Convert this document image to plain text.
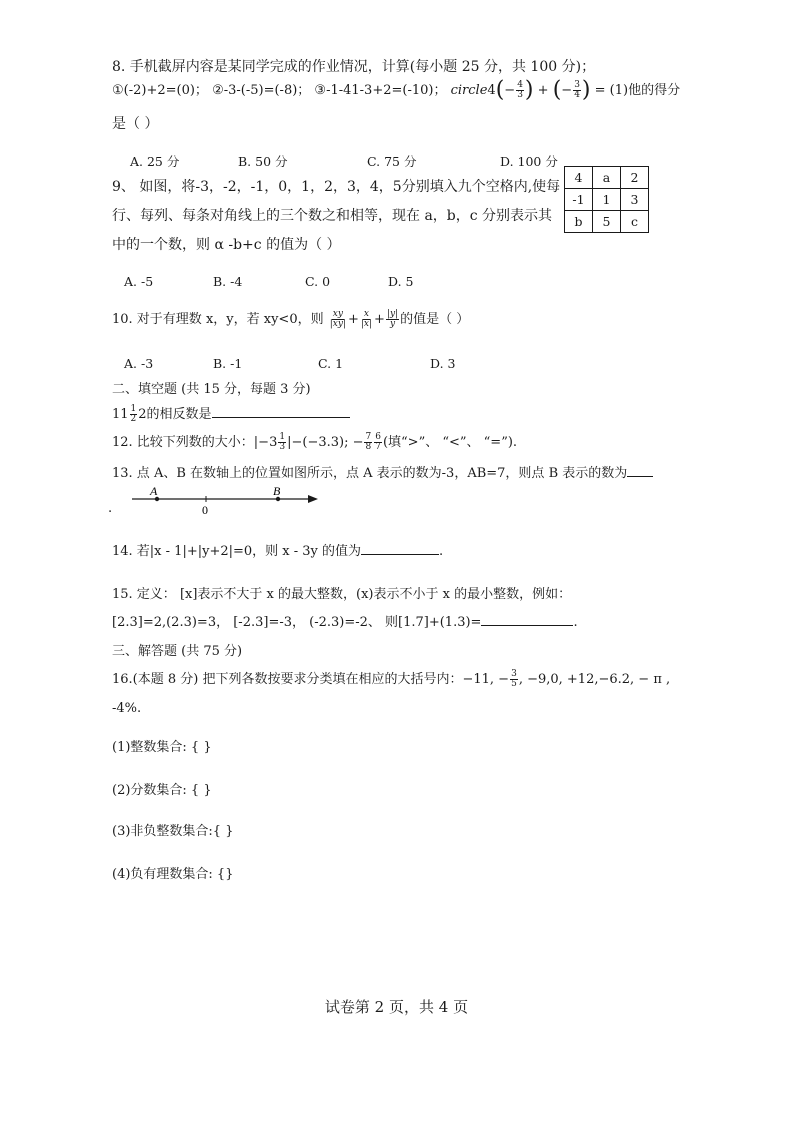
8. 手机截屏内容是某同学完成的作业情况，计算(每小题 25 分，共 100 分)；
①(-2)+2=(0)； ②-3-(-5)=(-8)； ③-1-41-3+2=(-10)； circle4(− $\frac{4}{3}$ ) + (− $\frac{3}{4}$ ) = (1)他的得分
是（ ）
A. 25 分	B. 50 分	C. 75 分	D. 100 分
9、 如图，将-3，-2，-1，0，1，2，3，4，5分别填入九个空格内,使每
行、每列、每条对角线上的三个数之和相等，现在 a，b，c 分别表示其
中的一个数，则 α -b+c 的值为（ ）
4	a	2
-1	1	3
b	5	c
A. -5	B. -4	C. 0	D. 5
10. 对于有理数 x，y，若 xy<0，则 $\frac{xy}{|xy|} + \frac{x}{|x|} + \frac{|y|}{y}$ 的值是（ ）
A. -3	B. -1	C. 1	D. 3
二、填空题 (共 15 分，每题 3 分)
$11 \frac{1}{2} 2$的相反数是
12. 比较下列数的大小：$|-3 \frac{1}{3} |-(-3.3)$; − $\frac{7}{8} \frac{6}{7}$ (填“>”、 “<”、 “=”).
13. 点 A、B 在数轴上的位置如图所示，点 A 表示的数为-3，AB=7，则点 B 表示的数为
.
A
0
B
14. 若|x - 1|+|y+2|=0，则 x - 3y 的值为	.
15. 定义： [x]表示不大于 x 的最大整数，(x)表示不小于 x 的最小整数，例如：
[2.3]=2,(2.3)=3， [-2.3]=-3， (-2.3)=-2、 则[1.7]+(1.3)=	.
三、解答题 (共 75 分)
16.(本题 8 分) 把下列各数按要求分类填在相应的大括号内：−11, − $\frac{3}{5}$ , −9,0, +12,−6.2, − π ,
-4%.
(1)整数集合: { }
(2)分数集合: { }
(3)非负整数集合:{ }
(4)负有理数集合: {}
试卷第 2 页，共 4 页
